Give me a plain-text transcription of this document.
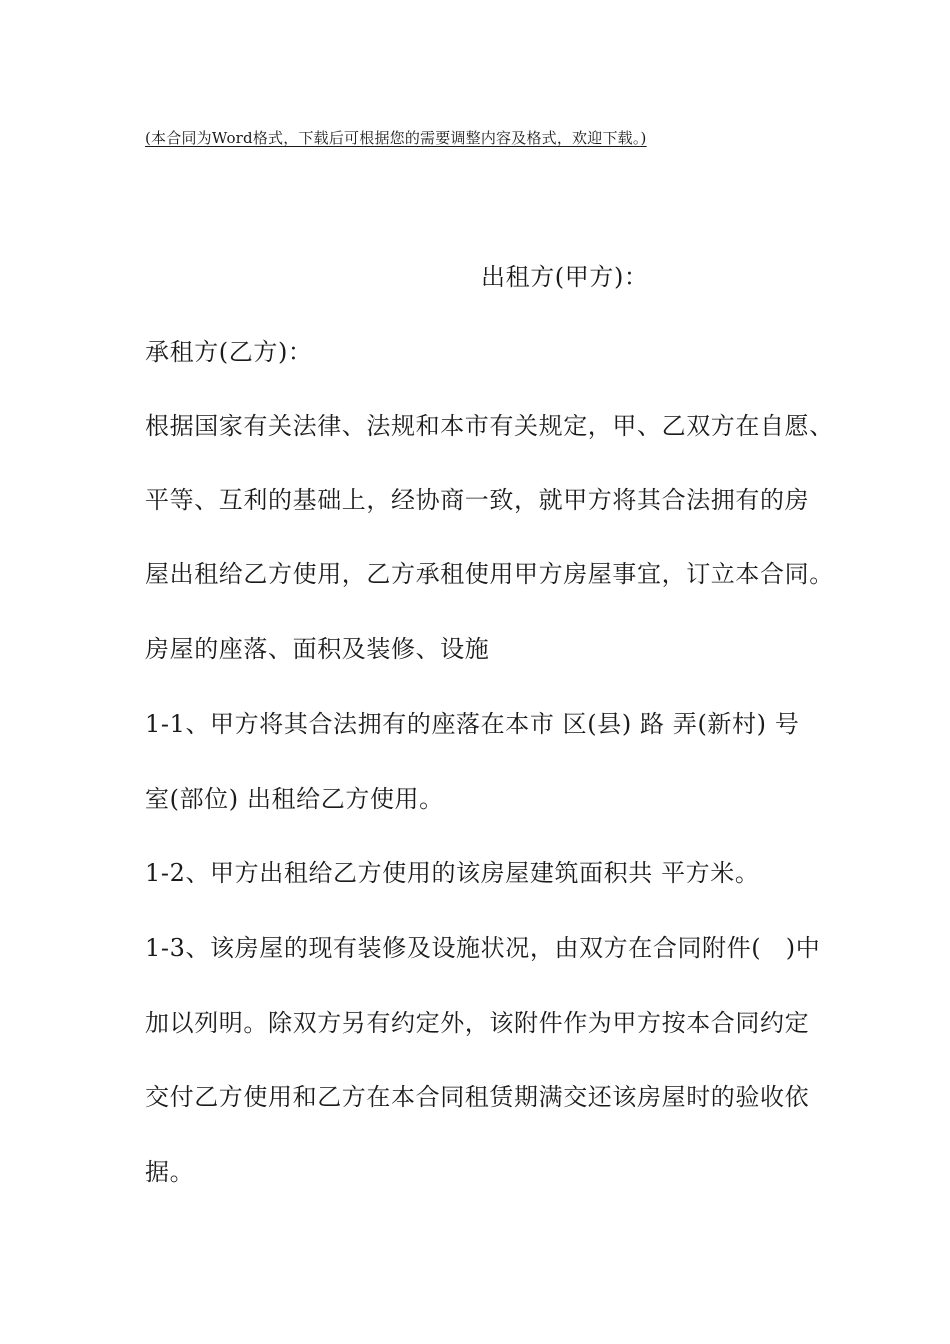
(本合同为Word格式，下载后可根据您的需要调整内容及格式，欢迎下载。)
出租方(甲方)：
承租方(乙方)：
根据国家有关法律、法规和本市有关规定，甲、乙双方在自愿、
平等、互利的基础上，经协商一致，就甲方将其合法拥有的房
屋出租给乙方使用，乙方承租使用甲方房屋事宜，订立本合同。
房屋的座落、面积及装修、设施
1-1、甲方将其合法拥有的座落在本市 区(县) 路 弄(新村) 号
室(部位) 出租给乙方使用。
1-2、甲方出租给乙方使用的该房屋建筑面积共 平方米。
1-3、该房屋的现有装修及设施状况，由双方在合同附件(　)中
加以列明。除双方另有约定外，该附件作为甲方按本合同约定
交付乙方使用和乙方在本合同租赁期满交还该房屋时的验收依
据。
